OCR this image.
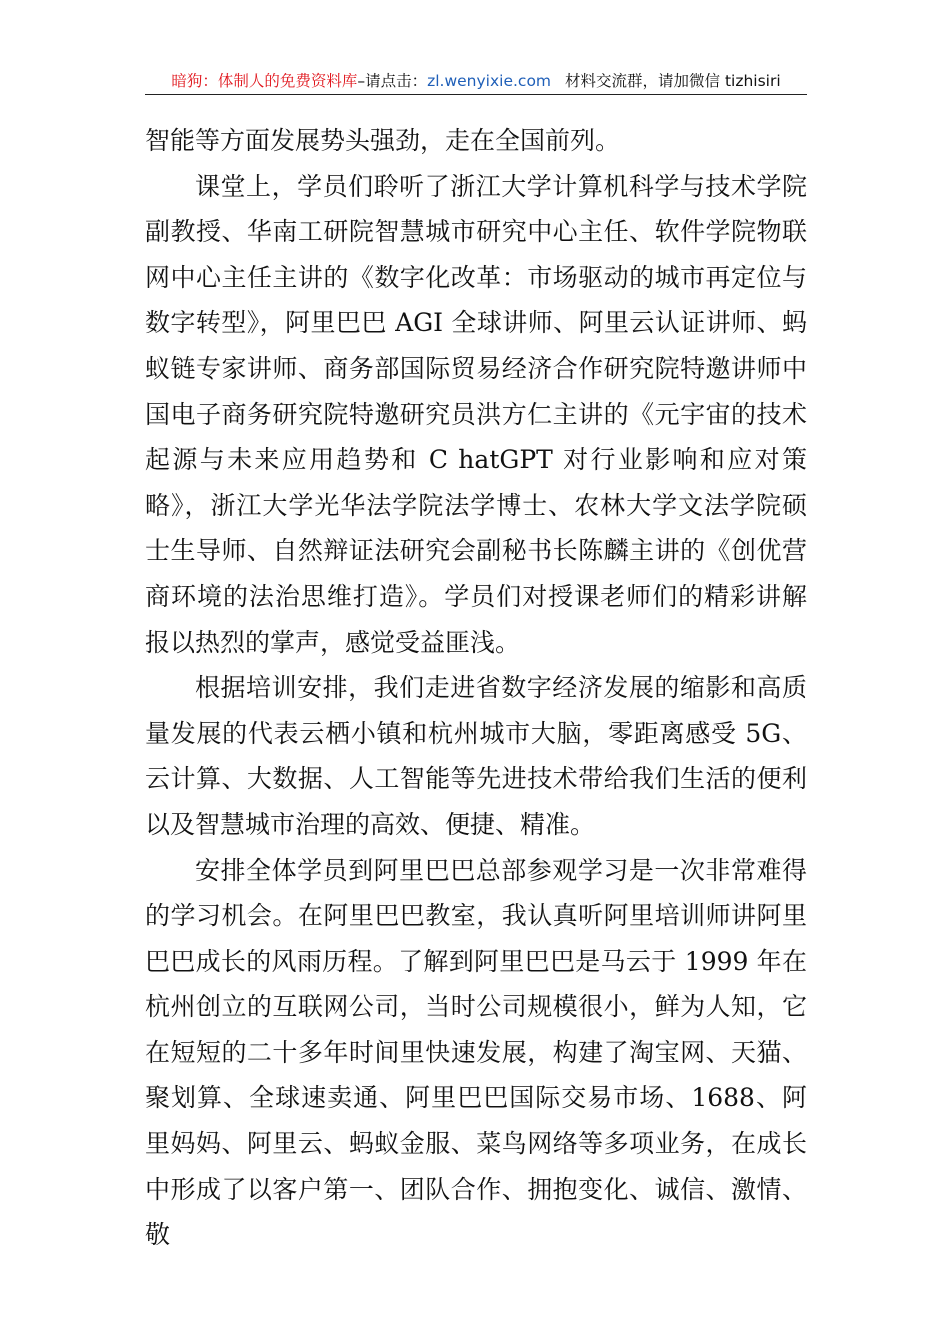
暗狗：体制人的免费资料库–请点击：zl.wenyixie.com 材料交流群，请加微信 tizhisiri

智能等方面发展势头强劲，走在全国前列。

课堂上，学员们聆听了浙江大学计算机科学与技术学院副教授、华南工研院智慧城市研究中心主任、软件学院物联网中心主任主讲的《数字化改革：市场驱动的城市再定位与数字转型》，阿里巴巴 AGI 全球讲师、阿里云认证讲师、蚂蚁链专家讲师、商务部国际贸易经济合作研究院特邀讲师中国电子商务研究院特邀研究员洪方仁主讲的《元宇宙的技术起源与未来应用趋势和 C hatGPT 对行业影响和应对策略》，浙江大学光华法学院法学博士、农林大学文法学院硕士生导师、自然辩证法研究会副秘书长陈麟主讲的《创优营商环境的法治思维打造》。学员们对授课老师们的精彩讲解报以热烈的掌声，感觉受益匪浅。

根据培训安排，我们走进省数字经济发展的缩影和高质量发展的代表云栖小镇和杭州城市大脑，零距离感受 5G、云计算、大数据、人工智能等先进技术带给我们生活的便利以及智慧城市治理的高效、便捷、精准。

安排全体学员到阿里巴巴总部参观学习是一次非常难得的学习机会。在阿里巴巴教室，我认真听阿里培训师讲阿里巴巴成长的风雨历程。了解到阿里巴巴是马云于 1999 年在杭州创立的互联网公司，当时公司规模很小，鲜为人知，它在短短的二十多年时间里快速发展，构建了淘宝网、天猫、聚划算、全球速卖通、阿里巴巴国际交易市场、1688、阿里妈妈、阿里云、蚂蚁金服、菜鸟网络等多项业务，在成长中形成了以客户第一、团队合作、拥抱变化、诚信、激情、敬
